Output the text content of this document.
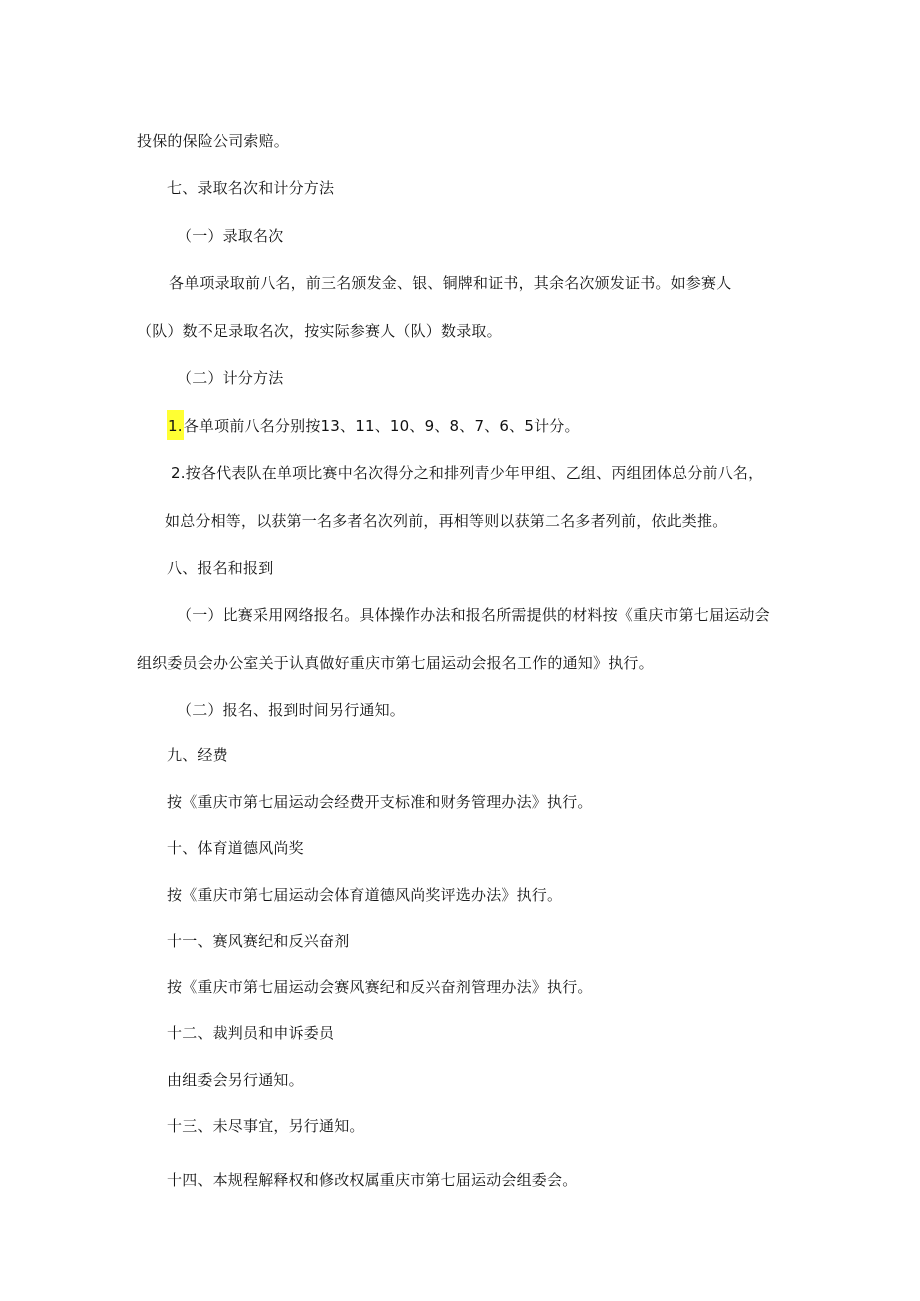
投保的保险公司索赔。
七、录取名次和计分方法
（一）录取名次
各单项录取前八名，前三名颁发金、银、铜牌和证书，其余名次颁发证书。如参赛人
（队）数不足录取名次，按实际参赛人（队）数录取。
（二）计分方法
1.各单项前八名分别按13、11、10、9、8、7、6、5计分。
2.按各代表队在单项比赛中名次得分之和排列青少年甲组、乙组、丙组团体总分前八名，
如总分相等，以获第一名多者名次列前，再相等则以获第二名多者列前，依此类推。
八、报名和报到
（一）比赛采用网络报名。具体操作办法和报名所需提供的材料按《重庆市第七届运动会
组织委员会办公室关于认真做好重庆市第七届运动会报名工作的通知》执行。
（二）报名、报到时间另行通知。
九、经费
按《重庆市第七届运动会经费开支标准和财务管理办法》执行。
十、体育道德风尚奖
按《重庆市第七届运动会体育道德风尚奖评选办法》执行。
十一、赛风赛纪和反兴奋剂
按《重庆市第七届运动会赛风赛纪和反兴奋剂管理办法》执行。
十二、裁判员和申诉委员
由组委会另行通知。
十三、未尽事宜，另行通知。
十四、本规程解释权和修改权属重庆市第七届运动会组委会。
